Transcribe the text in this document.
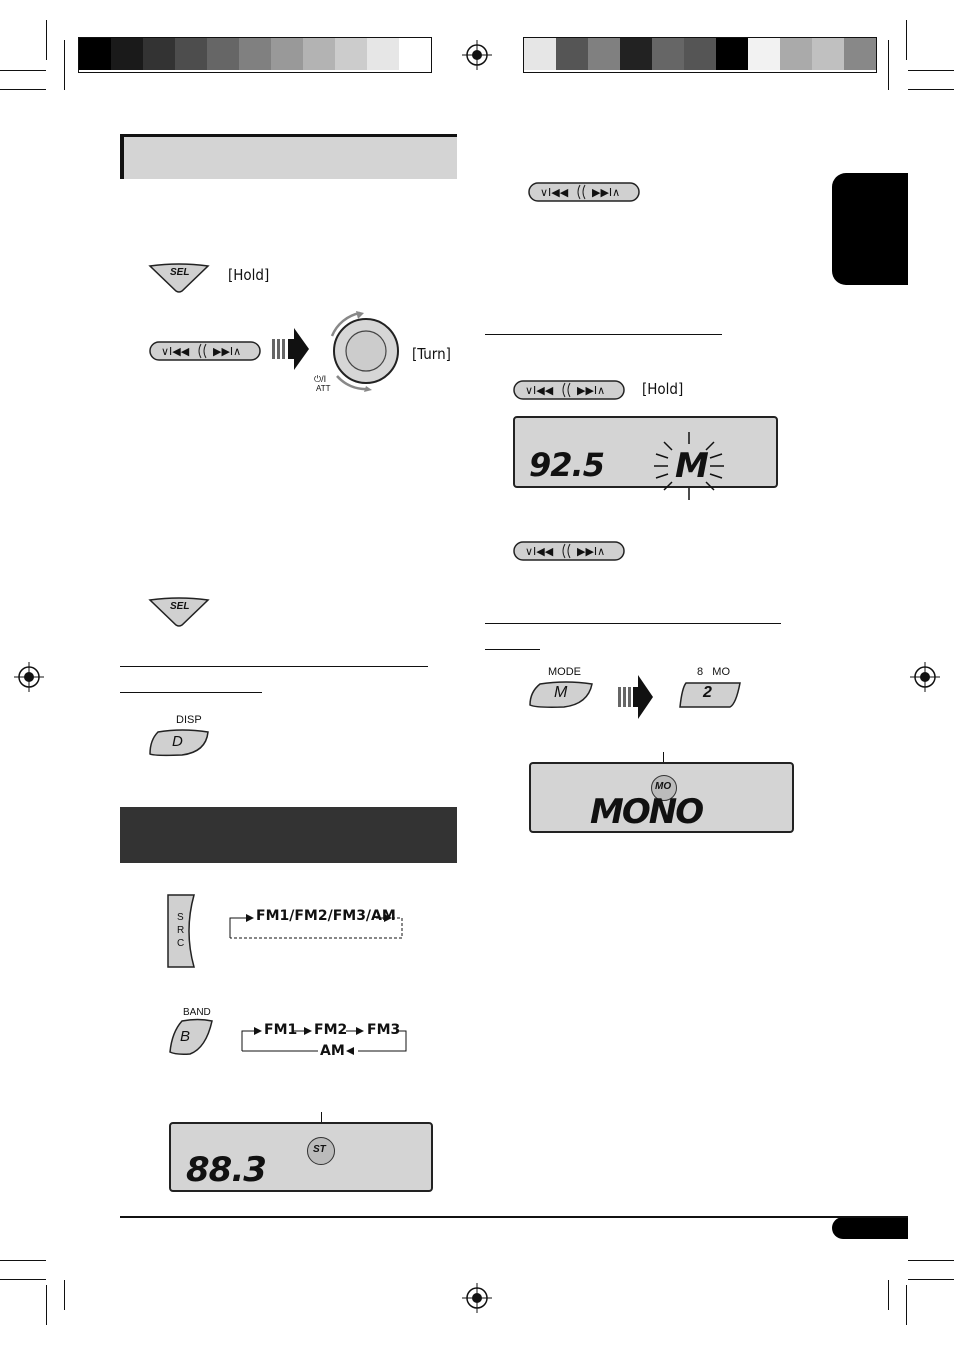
SEL	[Hold]
∨I◀◀ ▶▶I∧
⏻/I
ATT
[Turn]
SEL
DISP
D
S
R
C
FM1/FM2/FM3/AM
BAND
B	FM1 FM2 FM3
AM
ST
88.3
∨I◀◀ ▶▶I∧
∨I◀◀ ▶▶I∧ [Hold]
92.5 M
∨I◀◀ ▶▶I∧
MODE
M
8   MO
2
MO
MONO
